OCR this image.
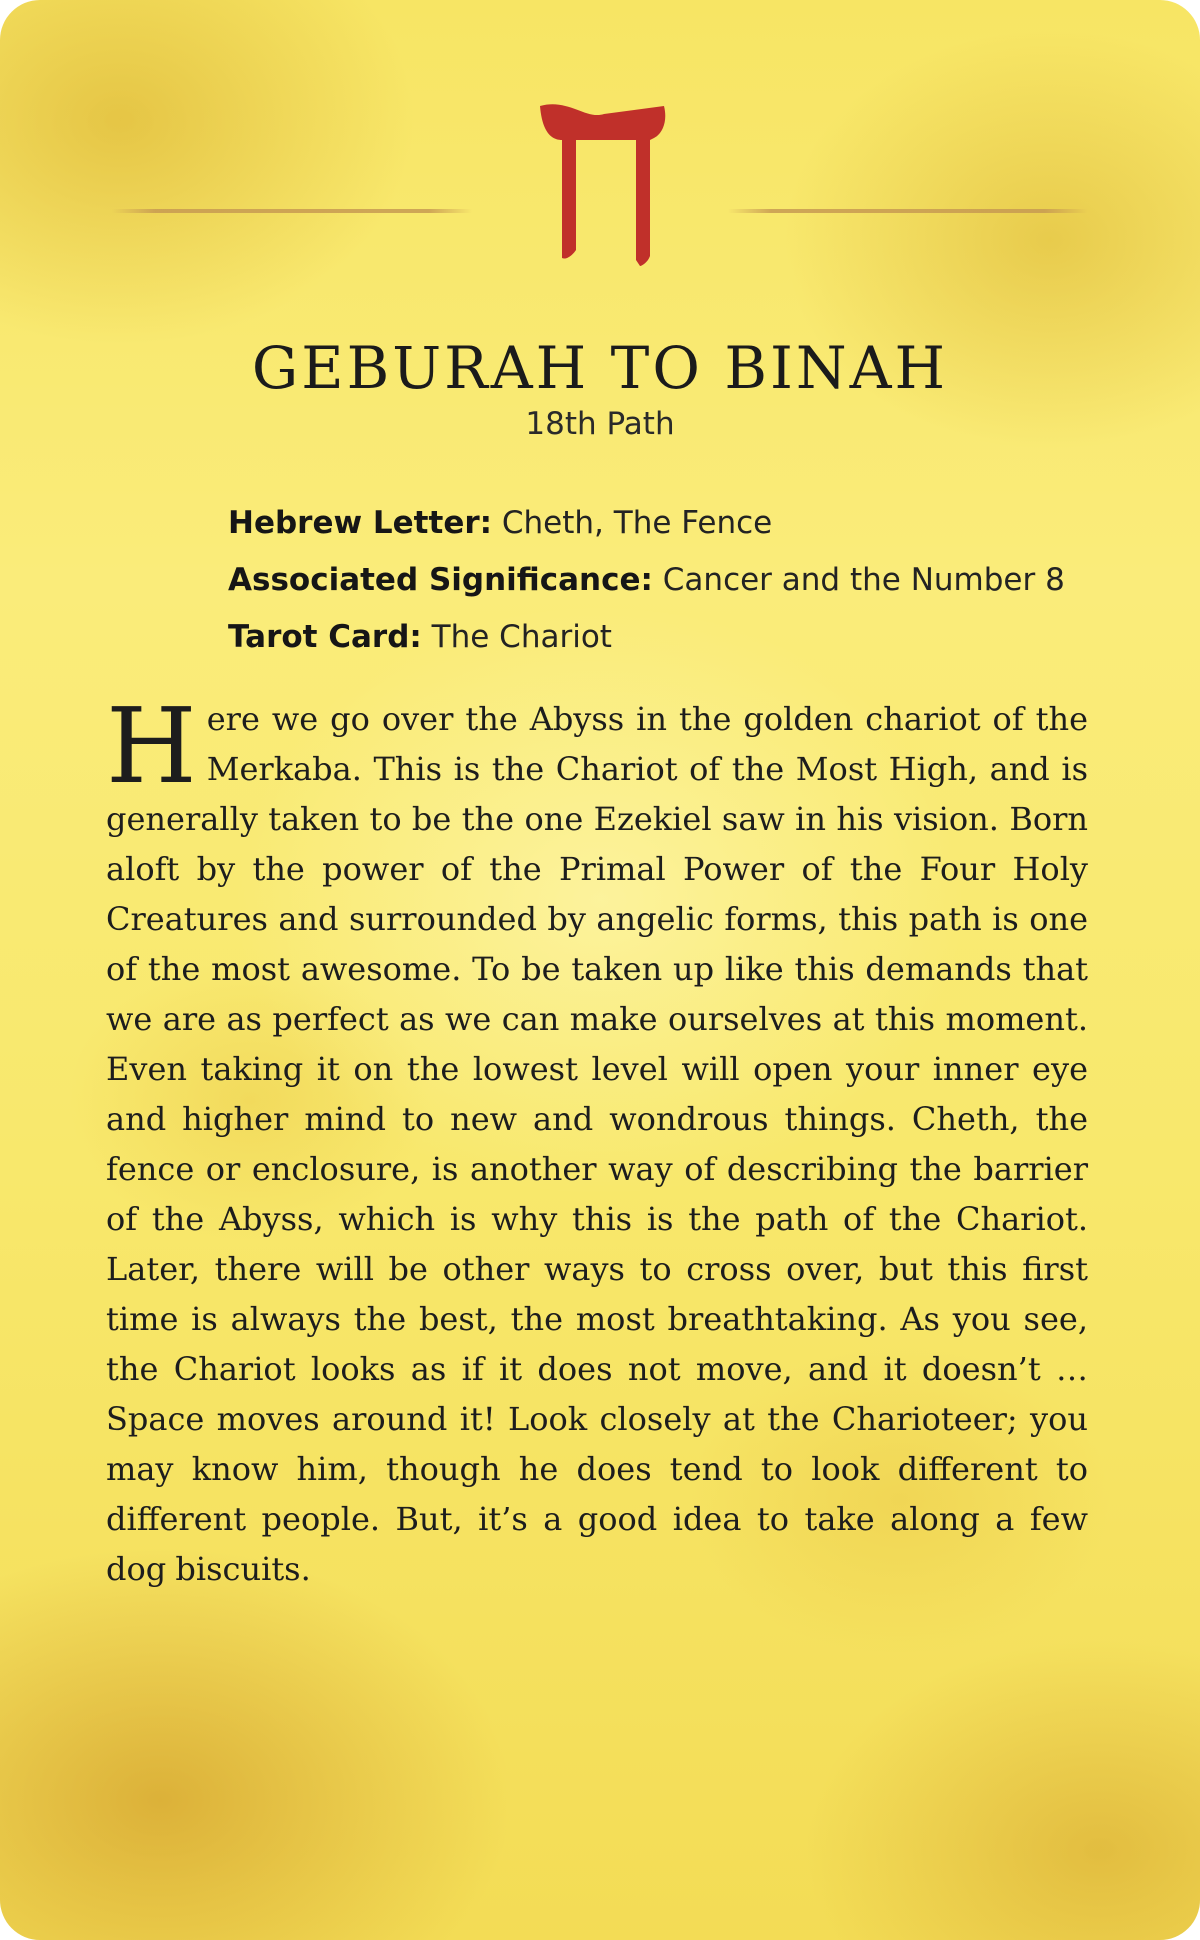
GEBURAH TO BINAH
18th Path
Hebrew Letter: Cheth, The Fence
Associated Significance: Cancer and the Number 8
Tarot Card: The Chariot

Here we go over the Abyss in the golden chariot of the Merkaba. This is the Chariot of the Most High, and is generally taken to be the one Ezekiel saw in his vision. Born aloft by the power of the Primal Power of the Four Holy Creatures and surrounded by angelic forms, this path is one of the most awesome. To be taken up like this demands that we are as perfect as we can make ourselves at this moment. Even taking it on the lowest level will open your inner eye and higher mind to new and wondrous things. Cheth, the fence or enclosure, is another way of describing the barrier of the Abyss, which is why this is the path of the Chariot. Later, there will be other ways to cross over, but this first time is always the best, the most breathtaking. As you see, the Chariot looks as if it does not move, and it doesn’t … Space moves around it! Look closely at the Charioteer; you may know him, though he does tend to look different to different people. But, it’s a good idea to take along a few dog biscuits.
